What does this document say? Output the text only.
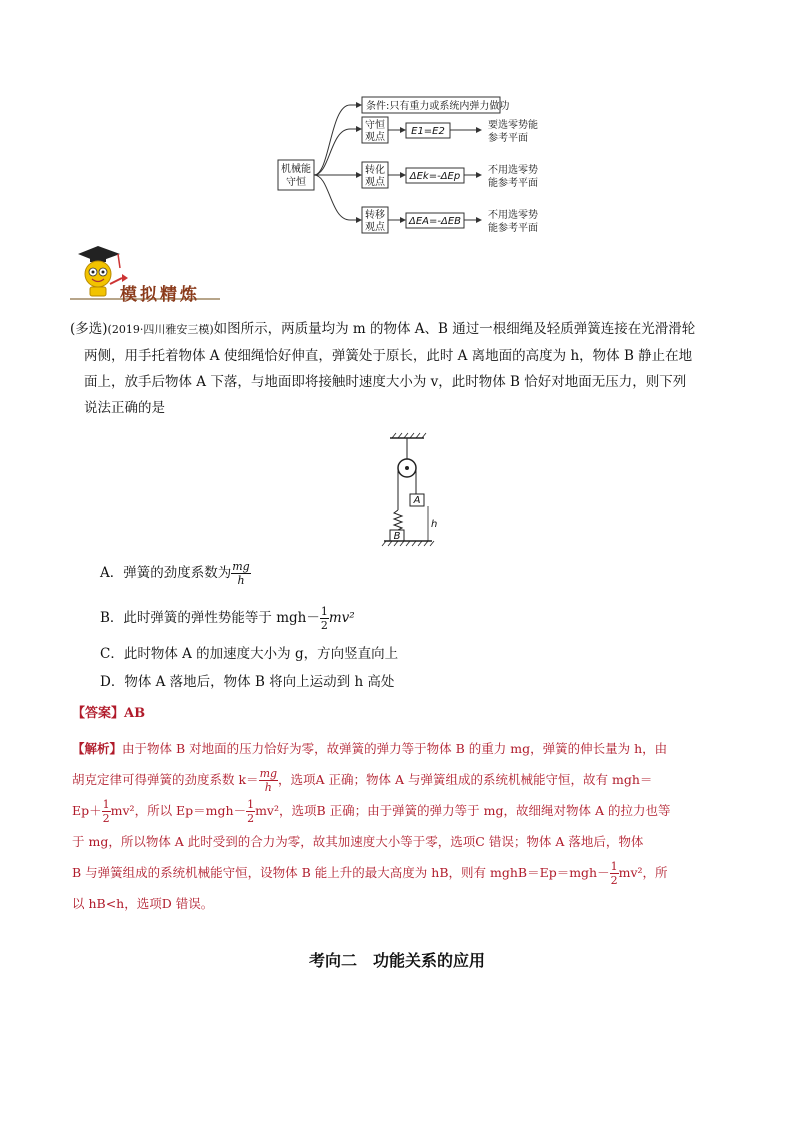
机械能
守恒
条件:只有重力或系统内弹力做功
守恒
观点
E1=E2
要选零势能
参考平面
转化
观点
ΔEk=-ΔEp
不用选零势
能参考平面
转移
观点
ΔEA=-ΔEB
不用选零势
能参考平面
模拟精炼
(多选)(2019·四川雅安三模)如图所示，两质量均为 m 的物体 A、B 通过一根细绳及轻质弹簧连接在光滑滑轮
两侧，用手托着物体 A 使细绳恰好伸直，弹簧处于原长，此时 A 离地面的高度为 h，物体 B 静止在地
面上，放手后物体 A 下落，与地面即将接触时速度大小为 v，此时物体 B 恰好对地面无压力，则下列
说法正确的是
B
A
h
A．弹簧的劲度系数为 $\frac{mg}{h}$
B．此时弹簧的弹性势能等于 $mgh- \frac{1}{2} mv^2$
C．此时物体 A 的加速度大小为 g，方向竖直向上
D．物体 A 落地后，物体 B 将向上运动到 h 高处
【答案】AB
【解析】由于物体 B 对地面的压力恰好为零，故弹簧的弹力等于物体 B 的重力 mg，弹簧的伸长量为 h，由
胡克定律可得弹簧的劲度系数 $k= \frac{mg}{h}$ ，选项A 正确；物体 A 与弹簧组成的系统机械能守恒，故有 mgh＝
$Ep+ \frac{1}{2} mv^2$，所以 $Ep=mgh- \frac{1}{2} mv^2$，选项B 正确；由于弹簧的弹力等于 mg，故细绳对物体 A 的拉力也等
于 mg，所以物体 A 此时受到的合力为零，故其加速度大小等于零，选项C 错误；物体 A 落地后，物体
B 与弹簧组成的系统机械能守恒，设物体 B 能上升的最大高度为 hB，则有 mghB＝Ep＝mgh－ $\frac{1}{2} mv^2$，所
以 hB<h，选项D 错误。
考向二　功能关系的应用
